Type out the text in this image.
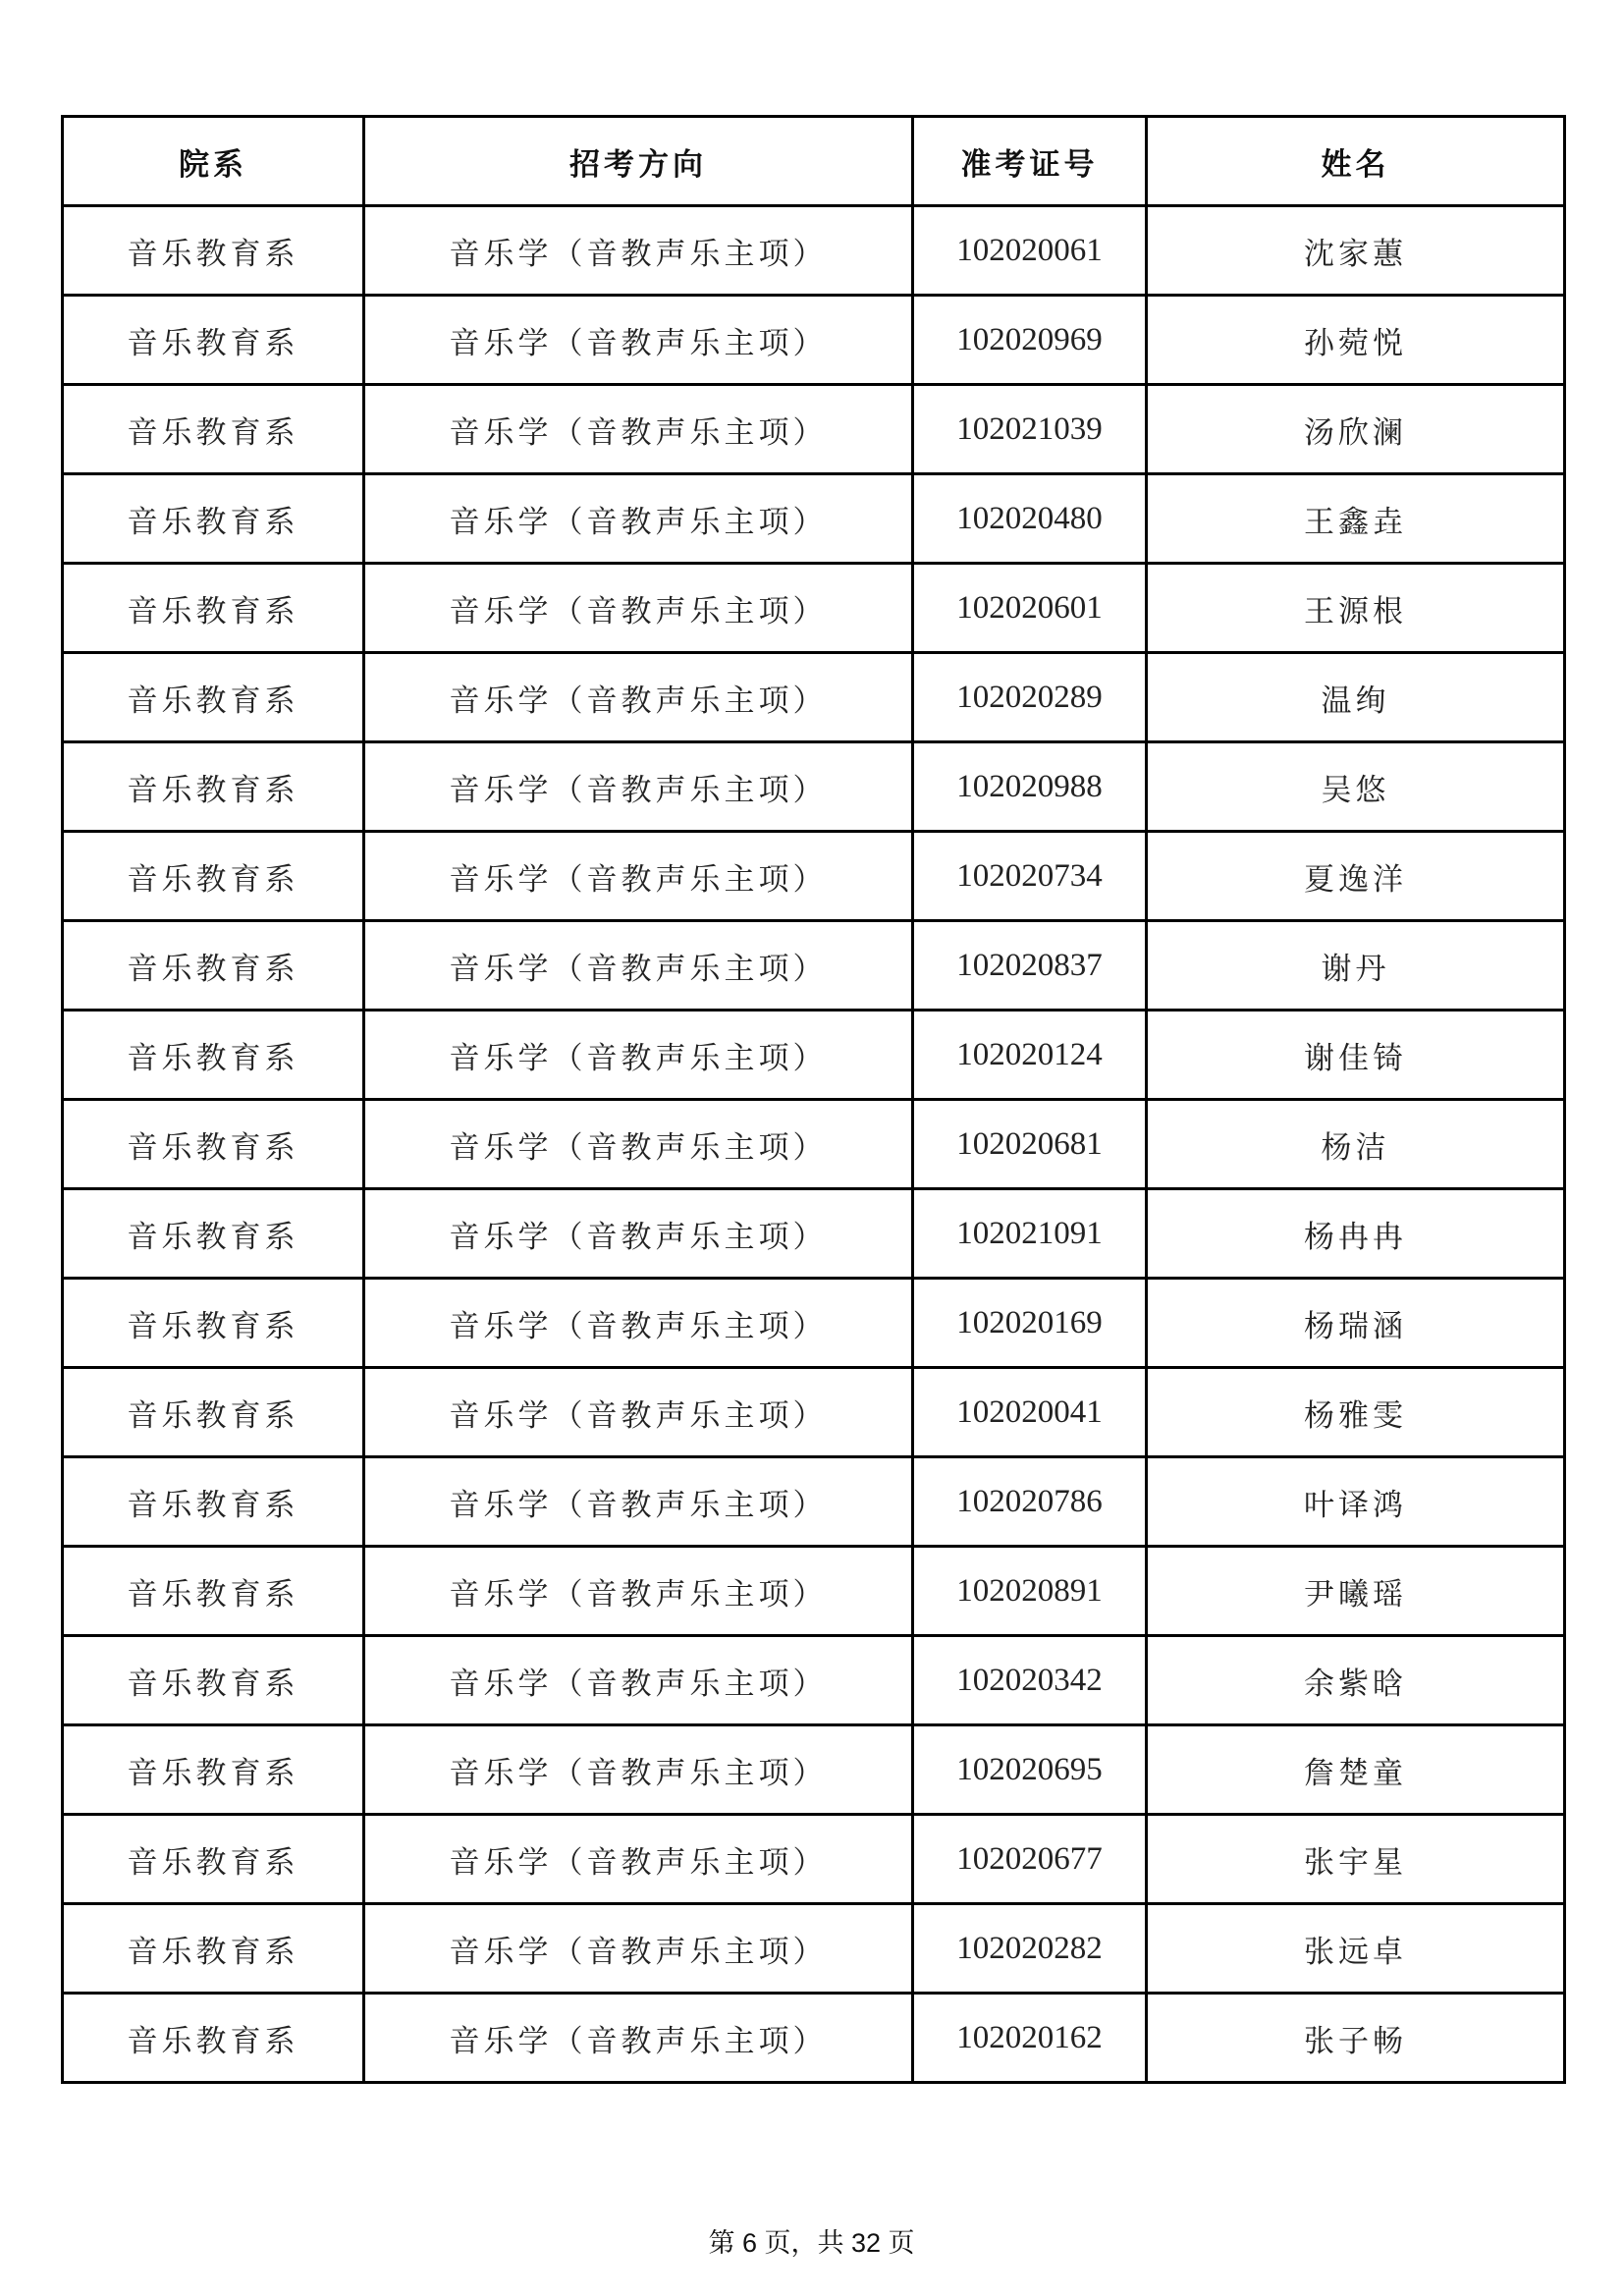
院系	招考方向	准考证号	姓名
音乐教育系	音乐学（音教声乐主项）	102020061	沈家蕙
音乐教育系	音乐学（音教声乐主项）	102020969	孙菀悦
音乐教育系	音乐学（音教声乐主项）	102021039	汤欣澜
音乐教育系	音乐学（音教声乐主项）	102020480	王鑫垚
音乐教育系	音乐学（音教声乐主项）	102020601	王源根
音乐教育系	音乐学（音教声乐主项）	102020289	温绚
音乐教育系	音乐学（音教声乐主项）	102020988	吴悠
音乐教育系	音乐学（音教声乐主项）	102020734	夏逸洋
音乐教育系	音乐学（音教声乐主项）	102020837	谢丹
音乐教育系	音乐学（音教声乐主项）	102020124	谢佳锜
音乐教育系	音乐学（音教声乐主项）	102020681	杨洁
音乐教育系	音乐学（音教声乐主项）	102021091	杨冉冉
音乐教育系	音乐学（音教声乐主项）	102020169	杨瑞涵
音乐教育系	音乐学（音教声乐主项）	102020041	杨雅雯
音乐教育系	音乐学（音教声乐主项）	102020786	叶译鸿
音乐教育系	音乐学（音教声乐主项）	102020891	尹曦瑶
音乐教育系	音乐学（音教声乐主项）	102020342	余紫晗
音乐教育系	音乐学（音教声乐主项）	102020695	詹楚童
音乐教育系	音乐学（音教声乐主项）	102020677	张宇星
音乐教育系	音乐学（音教声乐主项）	102020282	张远卓
音乐教育系	音乐学（音教声乐主项）	102020162	张子畅
第 6 页，共 32 页
